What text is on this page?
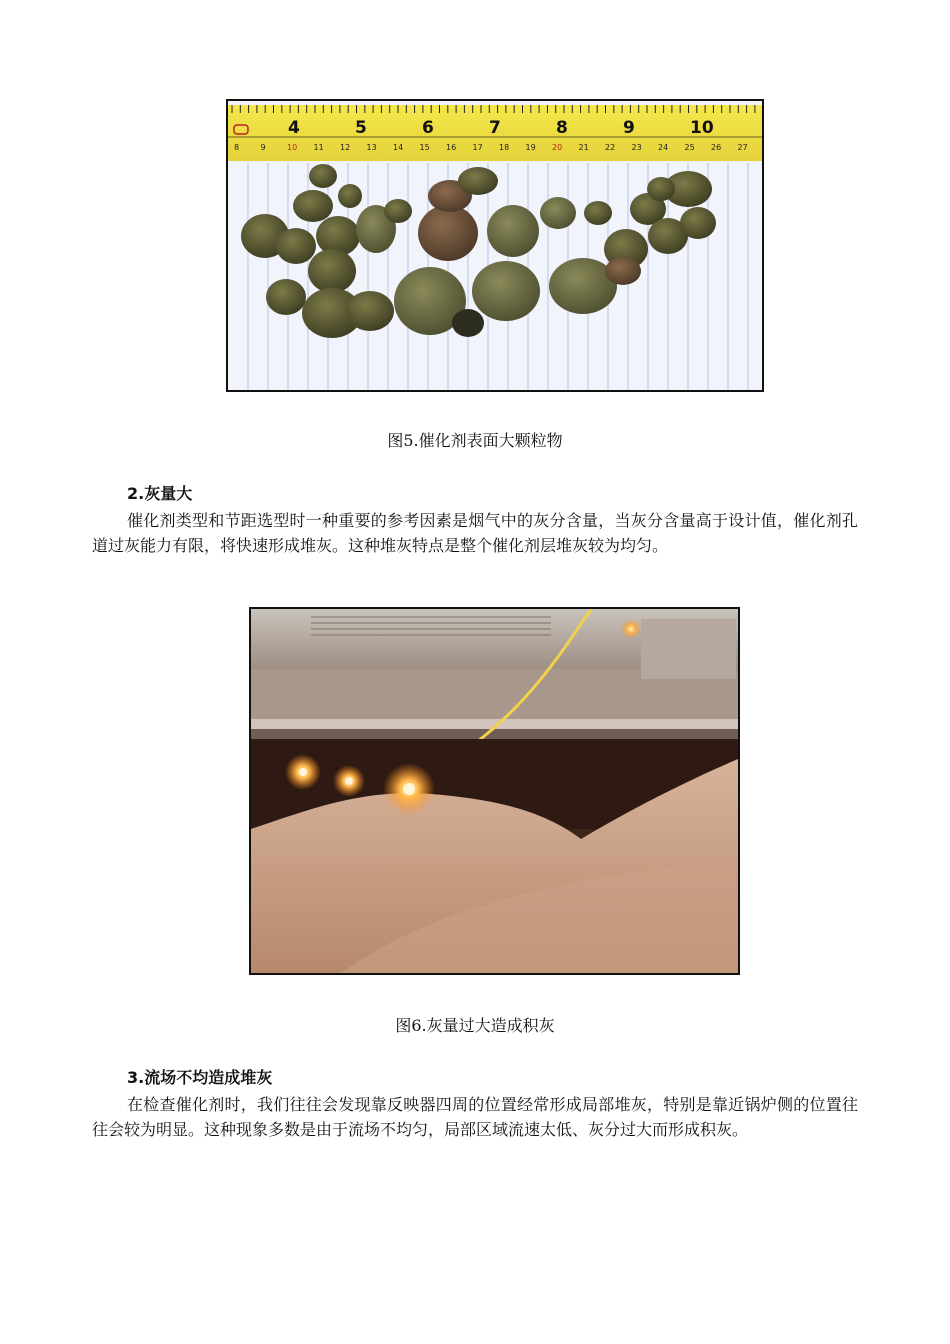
4	5	6	7	8	9	10
8	9	10 11 12 13 14 15 16 17 18 19 20 21 22 23 24 25 26 27
图5.催化剂表面大颗粒物
2.灰量大
催化剂类型和节距选型时一种重要的参考因素是烟气中的灰分含量，当灰分含量高于设计值，催化剂孔道过灰能力有限，将快速形成堆灰。这种堆灰特点是整个催化剂层堆灰较为均匀。
图6.灰量过大造成积灰
3.流场不均造成堆灰
在检查催化剂时，我们往往会发现靠反映器四周的位置经常形成局部堆灰，特别是靠近锅炉侧的位置往往会较为明显。这种现象多数是由于流场不均匀，局部区域流速太低、灰分过大而形成积灰。
